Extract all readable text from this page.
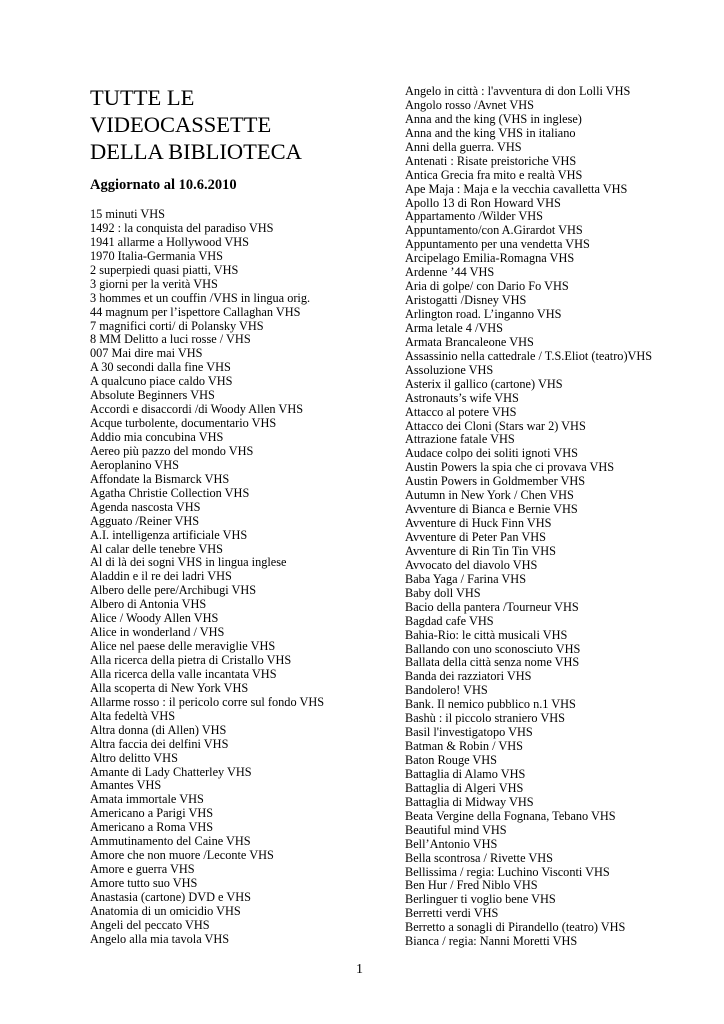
TUTTE LE
VIDEOCASSETTE
DELLA BIBLIOTECA

Aggiornato al 10.6.2010

15 minuti VHS
1492 : la conquista del paradiso VHS
1941 allarme a Hollywood VHS
1970 Italia-Germania VHS
2 superpiedi quasi piatti, VHS
3 giorni per la verità VHS
3 hommes et un couffin /VHS in lingua orig.
44 magnum per l’ispettore Callaghan VHS
7 magnifici corti/ di Polansky VHS
8 MM Delitto a luci rosse / VHS
007 Mai dire mai VHS
A 30 secondi dalla fine VHS
A qualcuno piace caldo VHS
Absolute Beginners VHS
Accordi e disaccordi /di Woody Allen VHS
Acque turbolente, documentario VHS
Addio mia concubina VHS
Aereo più pazzo del mondo VHS
Aeroplanino VHS
Affondate la Bismarck VHS
Agatha Christie Collection VHS
Agenda nascosta VHS
Agguato /Reiner VHS
A.I. intelligenza artificiale VHS
Al calar delle tenebre VHS
Al di là dei sogni VHS in lingua inglese
Aladdin e il re dei ladri VHS
Albero delle pere/Archibugi VHS
Albero di Antonia VHS
Alice / Woody Allen VHS
Alice in wonderland / VHS
Alice nel paese delle meraviglie VHS
Alla ricerca della pietra di Cristallo VHS
Alla ricerca della valle incantata VHS
Alla scoperta di New York VHS
Allarme rosso : il pericolo corre sul fondo VHS
Alta fedeltà VHS
Altra donna (di Allen) VHS
Altra faccia dei delfini VHS
Altro delitto VHS
Amante di Lady Chatterley VHS
Amantes VHS
Amata immortale VHS
Americano a Parigi VHS
Americano a Roma VHS
Ammutinamento del Caine VHS
Amore che non muore /Leconte VHS
Amore e guerra VHS
Amore tutto suo VHS
Anastasia (cartone) DVD e VHS
Anatomia di un omicidio VHS
Angeli del peccato VHS
Angelo alla mia tavola VHS
Angelo in città : l'avventura di don Lolli VHS
Angolo rosso /Avnet VHS
Anna and the king (VHS in inglese)
Anna and the king VHS in italiano
Anni della guerra. VHS
Antenati : Risate preistoriche VHS
Antica Grecia fra mito e realtà VHS
Ape Maja : Maja e la vecchia cavalletta VHS
Apollo 13 di Ron Howard VHS
Appartamento /Wilder VHS
Appuntamento/con A.Girardot VHS
Appuntamento per una vendetta VHS
Arcipelago Emilia-Romagna VHS
Ardenne ’44 VHS
Aria di golpe/ con Dario Fo VHS
Aristogatti /Disney VHS
Arlington road. L’inganno VHS
Arma letale 4 /VHS
Armata Brancaleone VHS
Assassinio nella cattedrale / T.S.Eliot (teatro)VHS
Assoluzione VHS
Asterix il gallico (cartone) VHS
Astronauts’s wife VHS
Attacco al potere VHS
Attacco dei Cloni (Stars war 2) VHS
Attrazione fatale VHS
Audace colpo dei soliti ignoti VHS
Austin Powers la spia che ci provava VHS
Austin Powers in Goldmember VHS
Autumn in New York / Chen VHS
Avventure di Bianca e Bernie VHS
Avventure di Huck Finn VHS
Avventure di Peter Pan VHS
Avventure di Rin Tin Tin VHS
Avvocato del diavolo VHS
Baba Yaga / Farina VHS
Baby doll VHS
Bacio della pantera /Tourneur VHS
Bagdad cafe VHS
Bahia-Rio: le città musicali VHS
Ballando con uno sconosciuto VHS
Ballata della città senza nome VHS
Banda dei razziatori VHS
Bandolero! VHS
Bank. Il nemico pubblico n.1 VHS
Bashù : il piccolo straniero VHS
Basil l'investigatopo VHS
Batman & Robin / VHS
Baton Rouge VHS
Battaglia di Alamo VHS
Battaglia di Algeri VHS
Battaglia di Midway VHS
Beata Vergine della Fognana, Tebano VHS
Beautiful mind VHS
Bell’Antonio VHS
Bella scontrosa / Rivette VHS
Bellissima / regia: Luchino Visconti VHS
Ben Hur / Fred Niblo VHS
Berlinguer ti voglio bene VHS
Berretti verdi VHS
Berretto a sonagli di Pirandello (teatro) VHS
Bianca / regia: Nanni Moretti VHS
1
